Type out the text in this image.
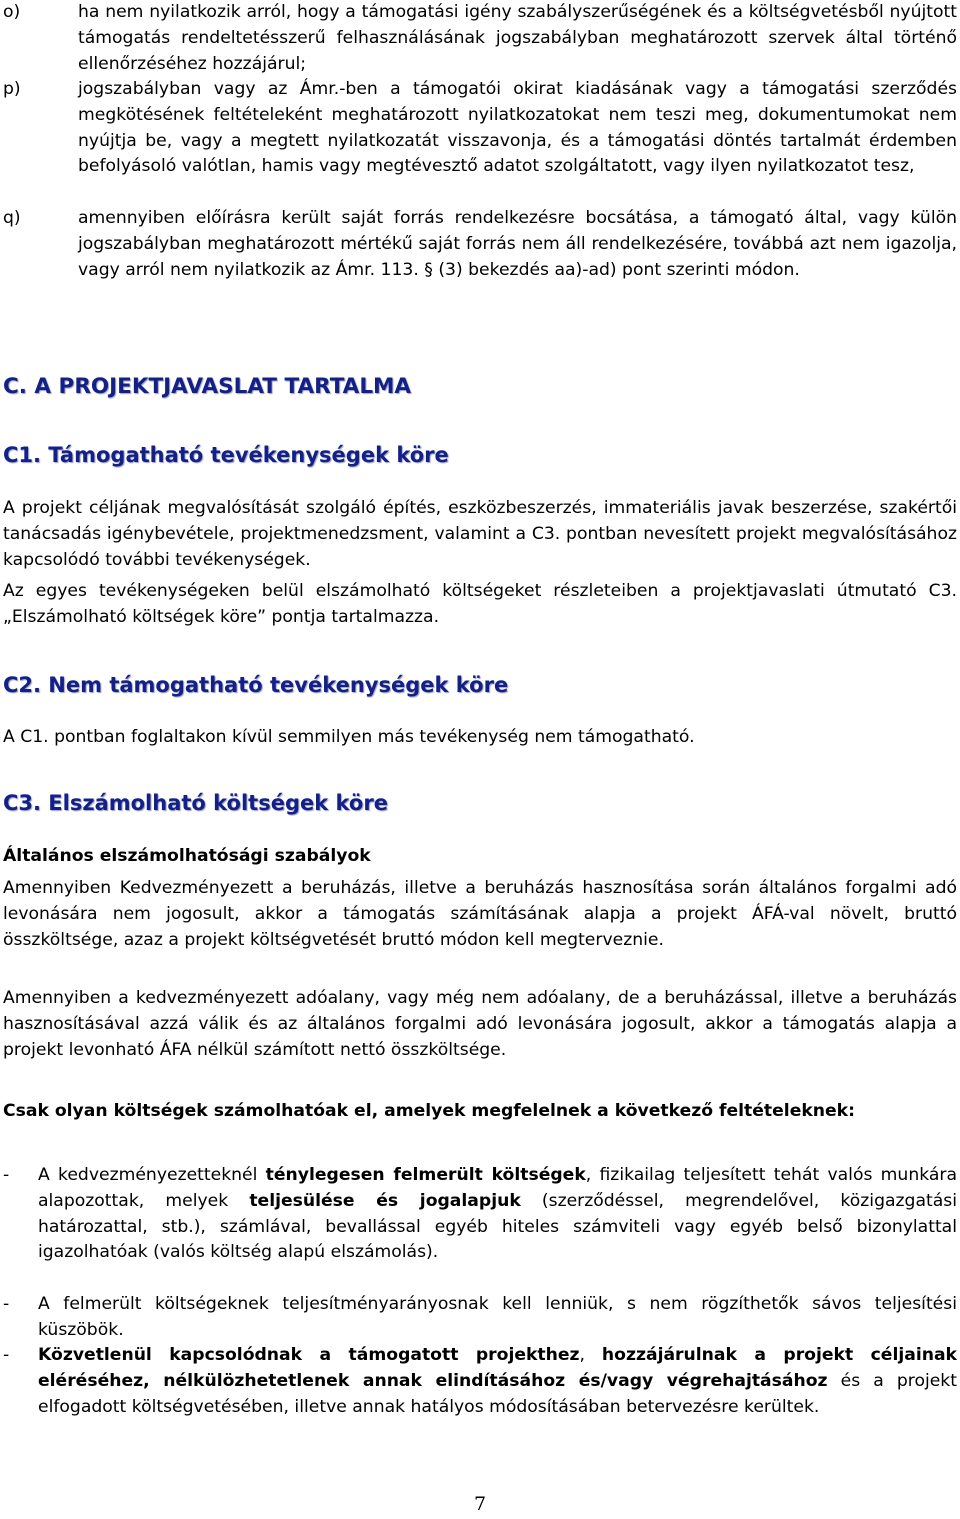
o)	ha nem nyilatkozik arról, hogy a támogatási igény szabályszerűségének és a költségvetésből nyújtott támogatás rendeltetésszerű felhasználásának jogszabályban meghatározott szervek által történő ellenőrzéséhez hozzájárul;
p)	jogszabályban vagy az Ámr.-ben a támogatói okirat kiadásának vagy a támogatási szerződés megkötésének feltételeként meghatározott nyilatkozatokat nem teszi meg, dokumentumokat nem nyújtja be, vagy a megtett nyilatkozatát visszavonja, és a támogatási döntés tartalmát érdemben befolyásoló valótlan, hamis vagy megtévesztő adatot szolgáltatott, vagy ilyen nyilatkozatot tesz,
q)	amennyiben előírásra került saját forrás rendelkezésre bocsátása, a támogató által, vagy külön jogszabályban meghatározott mértékű saját forrás nem áll rendelkezésére, továbbá azt nem igazolja, vagy arról nem nyilatkozik az Ámr. 113. § (3) bekezdés aa)-ad) pont szerinti módon.
C. A PROJEKTJAVASLAT TARTALMA
C1. Támogatható tevékenységek köre

A projekt céljának megvalósítását szolgáló építés, eszközbeszerzés, immateriális javak beszerzése, szakértői tanácsadás igénybevétele, projektmenedzsment, valamint a C3. pontban nevesített projekt megvalósításához kapcsolódó további tevékenységek.

Az egyes tevékenységeken belül elszámolható költségeket részleteiben a projektjavaslati útmutató C3. „Elszámolható költségek köre” pontja tartalmazza.

C2. Nem támogatható tevékenységek köre

A C1. pontban foglaltakon kívül semmilyen más tevékenység nem támogatható.

C3. Elszámolható költségek köre

Általános elszámolhatósági szabályok

Amennyiben Kedvezményezett a beruházás, illetve a beruházás hasznosítása során általános forgalmi adó levonására nem jogosult, akkor a támogatás számításának alapja a projekt ÁFÁ-val növelt, bruttó összköltsége, azaz a projekt költségvetését bruttó módon kell megterveznie.

Amennyiben a kedvezményezett adóalany, vagy még nem adóalany, de a beruházással, illetve a beruházás hasznosításával azzá válik és az általános forgalmi adó levonására jogosult, akkor a támogatás alapja a projekt levonható ÁFA nélkül számított nettó összköltsége.

Csak olyan költségek számolhatóak el, amelyek megfelelnek a következő feltételeknek:

- A kedvezményezetteknél ténylegesen felmerült költségek, fizikailag teljesített tehát valós munkára alapozottak, melyek teljesülése és jogalapjuk (szerződéssel, megrendelővel, közigazgatási határozattal, stb.), számlával, bevallással egyéb hiteles számviteli vagy egyéb belső bizonylattal igazolhatóak (valós költség alapú elszámolás).
- A felmerült költségeknek teljesítményarányosnak kell lenniük, s nem rögzíthetők sávos teljesítési küszöbök.
- Közvetlenül kapcsolódnak a támogatott projekthez, hozzájárulnak a projekt céljainak eléréséhez, nélkülözhetetlenek annak elindításához és/vagy végrehajtásához és a projekt elfogadott költségvetésében, illetve annak hatályos módosításában betervezésre kerültek.
7
